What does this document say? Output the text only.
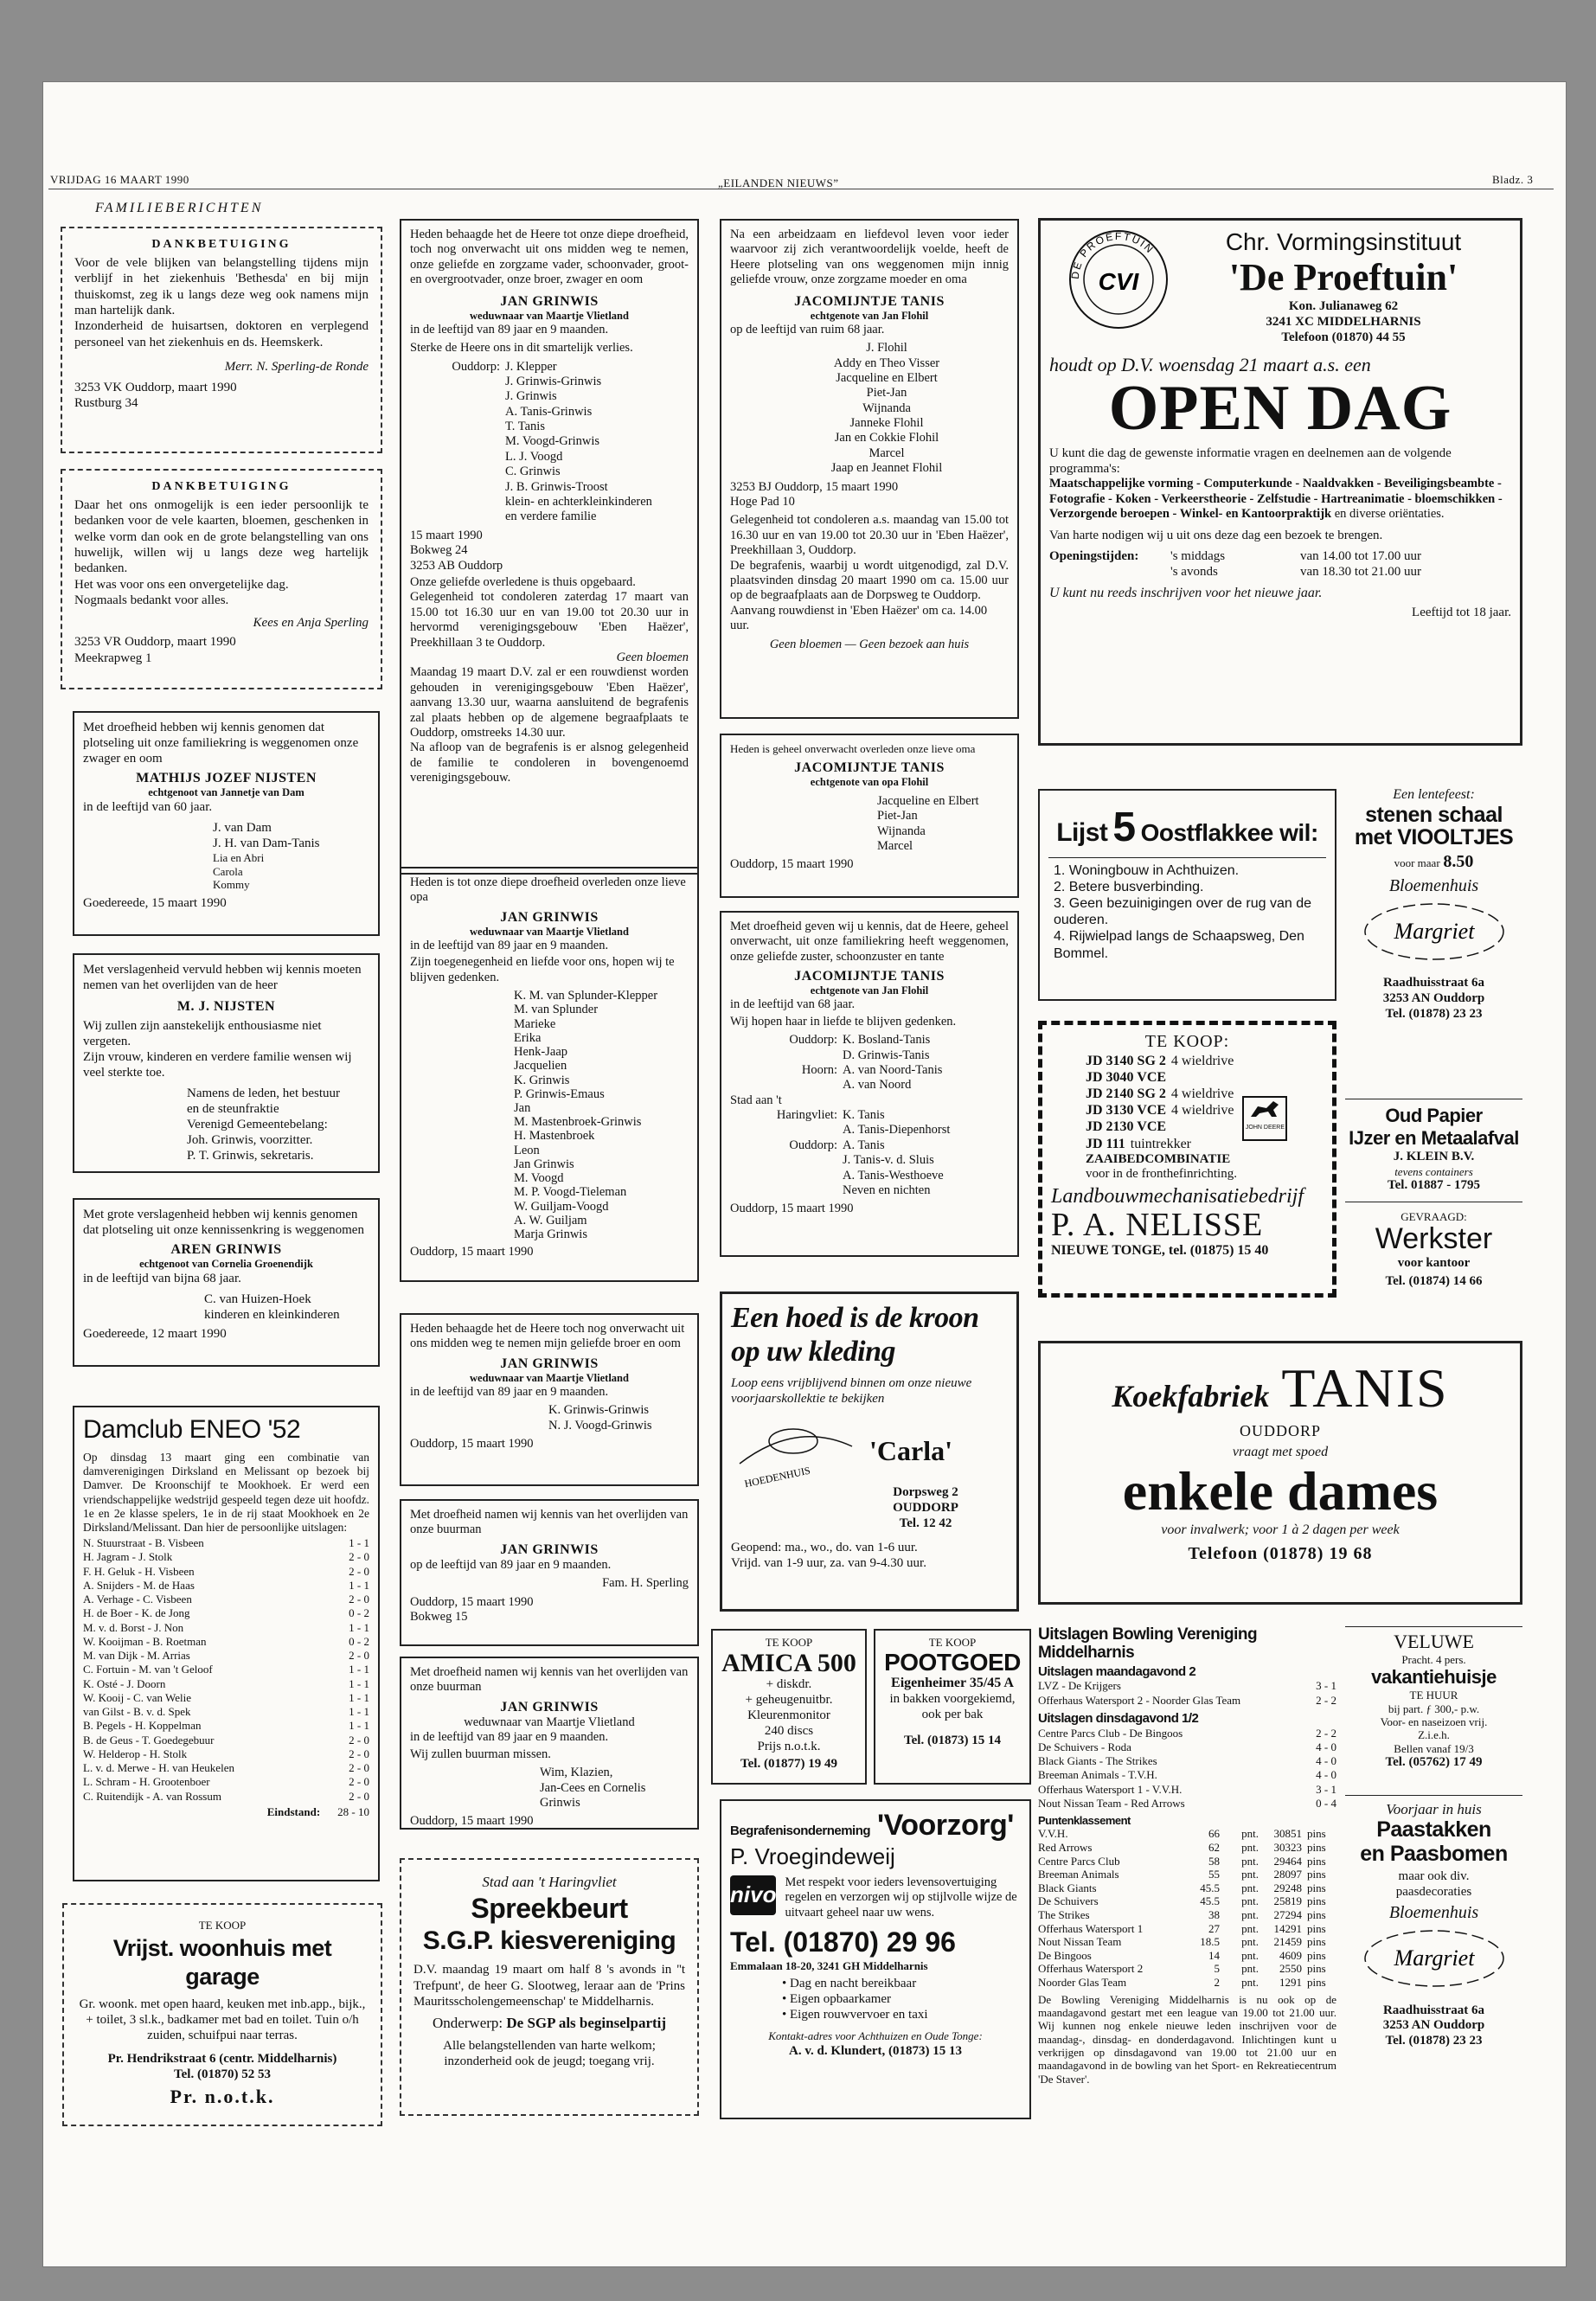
VRIJDAG 16 MAART 1990	„EILANDEN NIEUWS”	Bladz. 3
FAMILIEBERICHTEN

DANKBETUIGING

Voor de vele blijken van belangstelling tijdens mijn verblijf in het ziekenhuis 'Bethesda' en bij mijn thuiskomst, zeg ik u langs deze weg ook namens mijn man hartelijk dank.

Inzonderheid de huisartsen, doktoren en verplegend personeel van het ziekenhuis en ds. Heemskerk.

Merr. N. Sperling-de Ronde

3253 VK Ouddorp, maart 1990

Rustburg 34

DANKBETUIGING

Daar het ons onmogelijk is een ieder persoonlijk te bedanken voor de vele kaarten, bloemen, geschenken in welke vorm dan ook en de grote belangstelling van ons huwelijk, willen wij u langs deze weg hartelijk bedanken.

Het was voor ons een onvergetelijke dag.

Nogmaals bedankt voor alles.

Kees en Anja Sperling

3253 VR Ouddorp, maart 1990

Meekrapweg 1

Met droefheid hebben wij kennis genomen dat plotseling uit onze familiekring is weggenomen onze zwager en oom

MATHIJS JOZEF NIJSTEN

echtgenoot van Jannetje van Dam

in de leeftijd van 60 jaar.

J. van Dam

J. H. van Dam-Tanis

Lia en Abri

Carola

Kommy

Goedereede, 15 maart 1990

Met verslagenheid vervuld hebben wij kennis moeten nemen van het overlijden van de heer

M. J. NIJSTEN

Wij zullen zijn aanstekelijk enthousiasme niet vergeten.

Zijn vrouw, kinderen en verdere familie wensen wij veel sterkte toe.

Namens de leden, het bestuur

en de steunfraktie

Verenigd Gemeentebelang:

Joh. Grinwis, voorzitter.

P. T. Grinwis, sekretaris.

Met grote verslagenheid hebben wij kennis genomen dat plotseling uit onze kennissenkring is weggenomen

AREN GRINWIS

echtgenoot van Cornelia Groenendijk

in de leeftijd van bijna 68 jaar.

C. van Huizen-Hoek

kinderen en kleinkinderen

Goedereede, 12 maart 1990

Damclub ENEO '52

Op dinsdag 13 maart ging een combinatie van damverenigingen Dirksland en Melissant op bezoek bij Damver. De Kroonschijf te Mookhoek. Er werd een vriendschappelijke wedstrijd gespeeld tegen deze uit hoofdz. 1e en 2e klasse spelers, 1e in de rij staat Mookhoek en 2e Dirksland/Melissant. Dan hier de persoonlijke uitslagen:

N. Stuurstraat - B. Visbeen	1 - 1
H. Jagram - J. Stolk	2 - 0
F. H. Geluk - H. Visbeen	2 - 0
A. Snijders - M. de Haas	1 - 1
A. Verhage - C. Visbeen	2 - 0
H. de Boer - K. de Jong	0 - 2
M. v. d. Borst - J. Non	1 - 1
W. Kooijman - B. Roetman	0 - 2
M. van Dijk - M. Arrias	2 - 0
C. Fortuin - M. van 't Geloof	1 - 1
K. Osté - J. Doorn	1 - 1
W. Kooij - C. van Welie	1 - 1
van Gilst - B. v. d. Spek	1 - 1
B. Pegels - H. Koppelman	1 - 1
B. de Geus - T. Goedegebuur	2 - 0
W. Helderop - H. Stolk	2 - 0
L. v. d. Merwe - H. van Heukelen	2 - 0
L. Schram - H. Grootenboer	2 - 0
C. Ruitendijk - A. van Rossum	2 - 0
Eindstand:	28 - 10

TE KOOP

Vrijst. woonhuis met garage

Gr. woonk. met open haard, keuken met inb.app., bijk., + toilet, 3 sl.k., badkamer met bad en toilet. Tuin o/h zuiden, schuifpui naar terras.

Pr. Hendrikstraat 6 (centr. Middelharnis)

Tel. (01870) 52 53

Pr. n.o.t.k.

Heden behaagde het de Heere tot onze diepe droefheid, toch nog onverwacht uit ons midden weg te nemen, onze geliefde en zorgzame vader, schoonvader, groot- en overgrootvader, onze broer, zwager en oom

JAN GRINWIS

weduwnaar van Maartje Vlietland

in de leeftijd van 89 jaar en 9 maanden.

Sterke de Heere ons in dit smartelijk verlies.

Ouddorp: J. Klepper

J. Grinwis-Grinwis

J. Grinwis

A. Tanis-Grinwis

T. Tanis

M. Voogd-Grinwis

L. J. Voogd

C. Grinwis

J. B. Grinwis-Troost

klein- en achterkleinkinderen

en verdere familie

15 maart 1990

Bokweg 24

3253 AB Ouddorp

Onze geliefde overledene is thuis opgebaard.

Gelegenheid tot condoleren zaterdag 17 maart van 15.00 tot 16.30 uur en van 19.00 tot 20.30 uur in hervormd verenigingsgebouw 'Eben Haëzer', Preekhillaan 3 te Ouddorp.

Geen bloemen

Maandag 19 maart D.V. zal er een rouwdienst worden gehouden in verenigingsgebouw 'Eben Haëzer', aanvang 13.30 uur, waarna aansluitend de begrafenis zal plaats hebben op de algemene begraafplaats te Ouddorp, omstreeks 14.30 uur.

Na afloop van de begrafenis is er alsnog gelegenheid de familie te condoleren in bovengenoemd verenigingsgebouw.

Heden is tot onze diepe droefheid overleden onze lieve opa

JAN GRINWIS

weduwnaar van Maartje Vlietland

in de leeftijd van 89 jaar en 9 maanden.

Zijn toegenegenheid en liefde voor ons, hopen wij te blijven gedenken.

K. M. van Splunder-Klepper

M. van Splunder

Marieke

Erika

Henk-Jaap

Jacquelien

K. Grinwis

P. Grinwis-Emaus

Jan

M. Mastenbroek-Grinwis

H. Mastenbroek

Leon

Jan Grinwis

M. Voogd

M. P. Voogd-Tieleman

W. Guiljam-Voogd

A. W. Guiljam

Marja Grinwis

Ouddorp, 15 maart 1990

Heden behaagde het de Heere toch nog onverwacht uit ons midden weg te nemen mijn geliefde broer en oom

JAN GRINWIS

weduwnaar van Maartje Vlietland

in de leeftijd van 89 jaar en 9 maanden.

K. Grinwis-Grinwis

N. J. Voogd-Grinwis

Ouddorp, 15 maart 1990

Met droefheid namen wij kennis van het overlijden van onze buurman

JAN GRINWIS

op de leeftijd van 89 jaar en 9 maanden.

Fam. H. Sperling

Ouddorp, 15 maart 1990

Bokweg 15

Met droefheid namen wij kennis van het overlijden van onze buurman

JAN GRINWIS

weduwnaar van Maartje Vlietland

in de leeftijd van 89 jaar en 9 maanden.

Wij zullen buurman missen.

Wim, Klazien,

Jan-Cees en Cornelis Grinwis

Ouddorp, 15 maart 1990

Stad aan 't Haringvliet

Spreekbeurt

S.G.P. kiesvereniging

D.V. maandag 19 maart om half 8 's avonds in ''t Trefpunt', de heer G. Slootweg, leraar aan de 'Prins Mauritsscholengemeenschap' te Middelharnis.

Onderwerp: De SGP als beginselpartij

Alle belangstellenden van harte welkom; inzonderheid ook de jeugd; toegang vrij.

Na een arbeidzaam en liefdevol leven voor ieder waarvoor zij zich verantwoordelijk voelde, heeft de Heere plotseling van ons weggenomen mijn innig geliefde vrouw, onze zorgzame moeder en oma

JACOMIJNTJE TANIS

echtgenote van Jan Flohil

op de leeftijd van ruim 68 jaar.

J. Flohil

Addy en Theo Visser

Jacqueline en Elbert

Piet-Jan

Wijnanda

Janneke Flohil

Jan en Cokkie Flohil

Marcel

Jaap en Jeannet Flohil

3253 BJ Ouddorp, 15 maart 1990

Hoge Pad 10

Gelegenheid tot condoleren a.s. maandag van 15.00 tot 16.30 uur en van 19.00 tot 20.30 uur in 'Eben Haëzer', Preekhillaan 3, Ouddorp.

De begrafenis, waarbij u wordt uitgenodigd, zal D.V. plaatsvinden dinsdag 20 maart 1990 om ca. 15.00 uur op de begraafplaats aan de Dorpsweg te Ouddorp.

Aanvang rouwdienst in 'Eben Haëzer' om ca. 14.00 uur.

Geen bloemen — Geen bezoek aan huis

Heden is geheel onverwacht overleden onze lieve oma

JACOMIJNTJE TANIS

echtgenote van opa Flohil

Jacqueline en Elbert

Piet-Jan

Wijnanda

Marcel

Ouddorp, 15 maart 1990

Met droefheid geven wij u kennis, dat de Heere, geheel onverwacht, uit onze familiekring heeft weggenomen, onze geliefde zuster, schoonzuster en tante

JACOMIJNTJE TANIS

echtgenote van Jan Flohil

in de leeftijd van 68 jaar.

Wij hopen haar in liefde te blijven gedenken.

Ouddorp: K. Bosland-Tanis
D. Grinwis-Tanis
Hoorn: A. van Noord-Tanis
A. van Noord

Stad aan 't

Haringvliet: K. Tanis
A. Tanis-Diepenhorst
Ouddorp: A. Tanis
J. Tanis-v. d. Sluis
A. Tanis-Westhoeve
Neven en nichten

Ouddorp, 15 maart 1990

Een hoed is de kroon op uw kleding

Loop eens vrijblijvend binnen om onze nieuwe voorjaarskollektie te bekijken

HOEDENHUIS

'Carla'

Dorpsweg 2

OUDDORP

Tel. 12 42

Geopend: ma., wo., do. van 1-6 uur.

Vrijd. van 1-9 uur, za. van 9-4.30 uur.

TE KOOP

AMICA 500

+ diskdr.

+ geheugenuitbr.

Kleurenmonitor

240 discs

Prijs n.o.t.k.

Tel. (01877) 19 49

TE KOOP

POOTGOED

Eigenheimer 35/45 A

in bakken voorgekiemd,

ook per bak

Tel. (01873) 15 14

Begrafenisonderneming 'Voorzorg'

P. Vroegindeweij

nivo Met respekt voor ieders levensovertuiging regelen en verzorgen wij op stijlvolle wijze de uitvaart geheel naar uw wens.

Tel. (01870) 29 96

Emmalaan 18-20, 3241 GH Middelharnis

• Dag en nacht bereikbaar

• Eigen opbaarkamer

• Eigen rouwvervoer en taxi

Kontakt-adres voor Achthuizen en Oude Tonge:

A. v. d. Klundert, (01873) 15 13

DE PROEFTUIN
CVI

Chr. Vormingsinstituut

'De Proeftuin'

Kon. Julianaweg 62

3241 XC MIDDELHARNIS

Telefoon (01870) 44 55

houdt op D.V. woensdag 21 maart a.s. een

OPEN DAG

U kunt die dag de gewenste informatie vragen en deelnemen aan de volgende programma's:

Maatschappelijke vorming - Computerkunde - Naaldvakken - Beveiligingsbeambte - Fotografie - Koken - Verkeerstheorie - Zelfstudie - Hartreanimatie - bloemschikken - Verzorgende beroepen - Winkel- en Kantoorpraktijk en diverse oriëntaties.

Van harte nodigen wij u uit ons deze dag een bezoek te brengen.

Openingstijden:	's middags	van 14.00 tot 17.00 uur

's avonds	van 18.30 tot 21.00 uur

U kunt nu reeds inschrijven voor het nieuwe jaar.

Leeftijd tot 18 jaar.

Lijst 5 Oostflakkee wil:

1. Woningbouw in Achthuizen.

2. Betere busverbinding.

3. Geen bezuinigingen over de rug van de ouderen.

4. Rijwielpad langs de Schaapsweg, Den Bommel.

Een lentefeest:

stenen schaal

met VIOOLTJES

voor maar 8.50

Bloemenhuis

Margriet

Raadhuisstraat 6a

3253 AN Ouddorp

Tel. (01878) 23 23

TE KOOP:

JD 3140 SG 2 4 wieldrive
JD 3040 VCE
JD 2140 SG 2 4 wieldrive
JD 3130 VCE 4 wieldrive
JD 2130 VCE
JD 111 tuintrekker
JOHN DEERE

ZAAIBEDCOMBINATIE

voor in de fronthefinrichting.

Landbouwmechanisatiebedrijf

P. A. NELISSE

NIEUWE TONGE, tel. (01875) 15 40

Oud Papier

IJzer en Metaalafval

J. KLEIN B.V.

tevens containers

Tel. 01887 - 1795

GEVRAAGD:

Werkster

voor kantoor

Tel. (01874) 14 66

Koekfabriek TANIS

OUDDORP

vraagt met spoed

enkele dames

voor invalwerk; voor 1 à 2 dagen per week

Telefoon (01878) 19 68

Uitslagen Bowling Vereniging Middelharnis

Uitslagen maandagavond 2

LVZ - De Krijgers	3 - 1
Offerhaus Watersport 2 - Noorder Glas Team	2 - 2

Uitslagen dinsdagavond 1/2

Centre Parcs Club - De Bingoos	2 - 2
De Schuivers - Roda	4 - 0
Black Giants - The Strikes	4 - 0
Breeman Animals - T.V.H.	4 - 0
Offerhaus Watersport 1 - V.V.H.	3 - 1
Nout Nissan Team - Red Arrows	0 - 4

Puntenklassement

V.V.H.	66	pnt.	30851 pins
Red Arrows	62	pnt.	30323 pins
Centre Parcs Club	58	pnt.	29464 pins
Breeman Animals	55	pnt.	28097 pins
Black Giants	45.5	pnt.	29248 pins
De Schuivers	45.5	pnt.	25819 pins
The Strikes	38	pnt.	27294 pins
Offerhaus Watersport 1	27	pnt.	14291 pins
Nout Nissan Team	18.5	pnt.	21459 pins
De Bingoos	14	pnt.	4609 pins
Offerhaus Watersport 2	5	pnt.	2550 pins
Noorder Glas Team	2	pnt.	1291 pins

De Bowling Vereniging Middelharnis is nu ook op de maandagavond gestart met een league van 19.00 tot 21.00 uur. Wij kunnen nog enkele nieuwe leden inschrijven voor de maandag-, dinsdag- en donderdagavond. Inlichtingen kunt u verkrijgen op dinsdagavond van 19.00 tot 21.00 uur en maandagavond in de bowling van het Sport- en Rekreatiecentrum 'De Staver'.

VELUWE

Pracht. 4 pers.

vakantiehuisje

TE HUUR

bij part. ƒ 300,- p.w.

Voor- en naseizoen vrij.

Z.i.e.h.

Bellen vanaf 19/3

Tel. (05762) 17 49

Voorjaar in huis

Paastakken

en Paasbomen

maar ook div.

paasdecoraties

Bloemenhuis

Margriet

Raadhuisstraat 6a

3253 AN Ouddorp

Tel. (01878) 23 23
